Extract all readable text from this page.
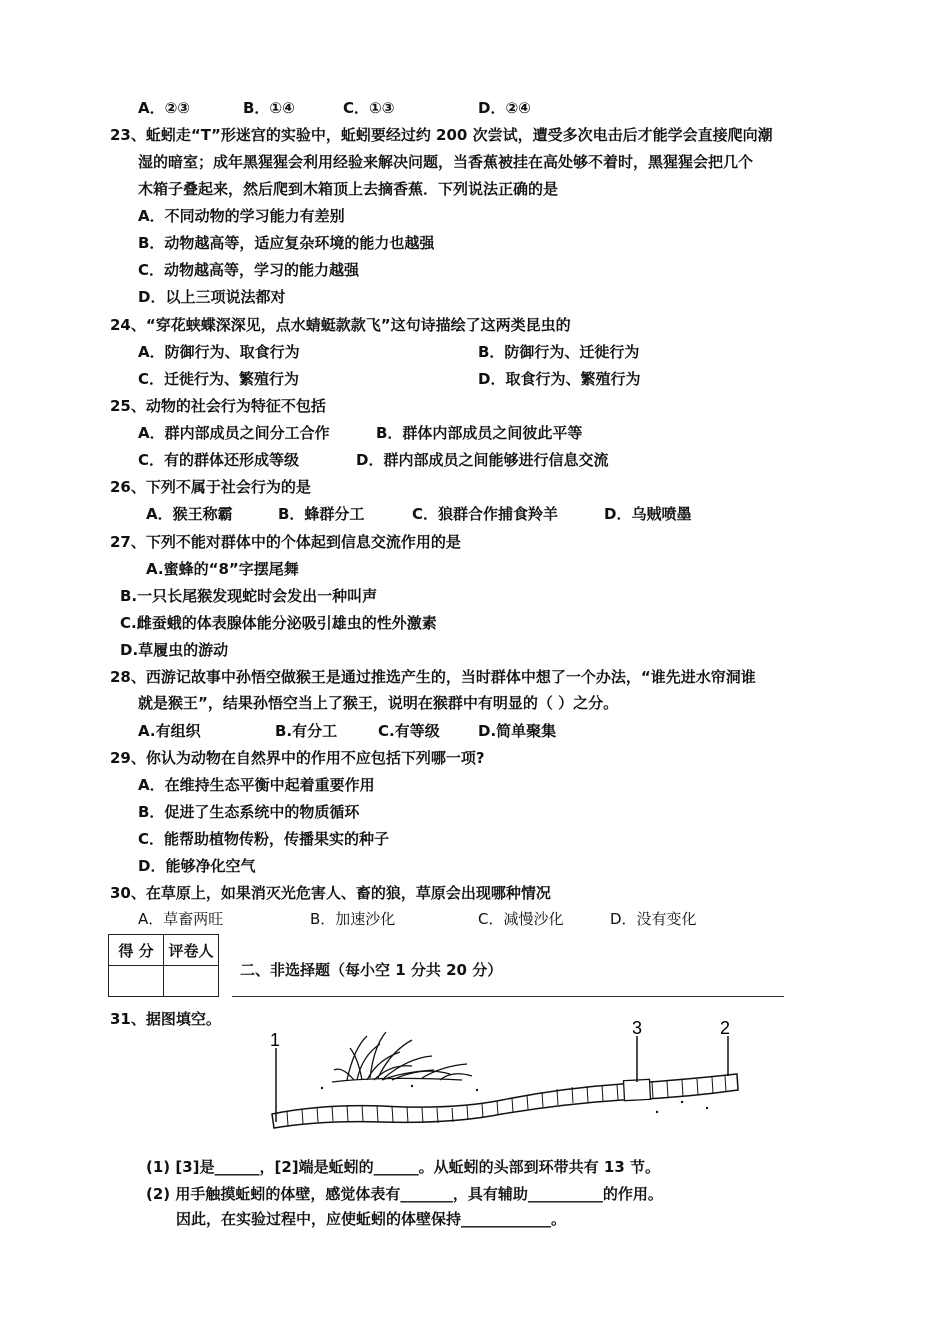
A．②③	B．①④	C．①③	D．②④
23、蚯蚓走“T”形迷宫的实验中，蚯蚓要经过约 200 次尝试，遭受多次电击后才能学会直接爬向潮
湿的暗室；成年黑猩猩会利用经验来解决问题，当香蕉被挂在高处够不着时，黑猩猩会把几个
木箱子叠起来，然后爬到木箱顶上去摘香蕉．下列说法正确的是
A．不同动物的学习能力有差别
B．动物越高等，适应复杂环境的能力也越强
C．动物越高等，学习的能力越强
D．以上三项说法都对
24、“穿花蛱蝶深深见，点水蜻蜓款款飞”这句诗描绘了这两类昆虫的
A．防御行为、取食行为	B．防御行为、迁徙行为
C．迁徙行为、繁殖行为	D．取食行为、繁殖行为
25、动物的社会行为特征不包括
A．群内部成员之间分工合作	B．群体内部成员之间彼此平等
C．有的群体还形成等级	D．群内部成员之间能够进行信息交流
26、下列不属于社会行为的是
A．猴王称霸	B．蜂群分工	C．狼群合作捕食羚羊	D．乌贼喷墨
27、下列不能对群体中的个体起到信息交流作用的是
A.蜜蜂的“8”字摆尾舞
B.一只长尾猴发现蛇时会发出一种叫声
C.雌蚕蛾的体表腺体能分泌吸引雄虫的性外激素
D.草履虫的游动
28、西游记故事中孙悟空做猴王是通过推选产生的，当时群体中想了一个办法，“谁先进水帘洞谁
就是猴王”，结果孙悟空当上了猴王，说明在猴群中有明显的（ ）之分。
A.有组织	B.有分工	C.有等级	D.简单聚集
29、你认为动物在自然界中的作用不应包括下列哪一项?
A．在维持生态平衡中起着重要作用
B．促进了生态系统中的物质循环
C．能帮助植物传粉，传播果实的种子
D．能够净化空气
30、在草原上，如果消灭光危害人、畜的狼，草原会出现哪种情况
A．草畜两旺	B．加速沙化	C．减慢沙化	D．没有变化
得 分	评卷人

二、非选择题（每小空 1 分共 20 分）
31、据图填空。
1
3	2
(1) [3]是______，[2]端是蚯蚓的______。从蚯蚓的头部到环带共有 13 节。
(2) 用手触摸蚯蚓的体壁，感觉体表有_______，具有辅助__________的作用。
因此，在实验过程中，应使蚯蚓的体壁保持____________。
